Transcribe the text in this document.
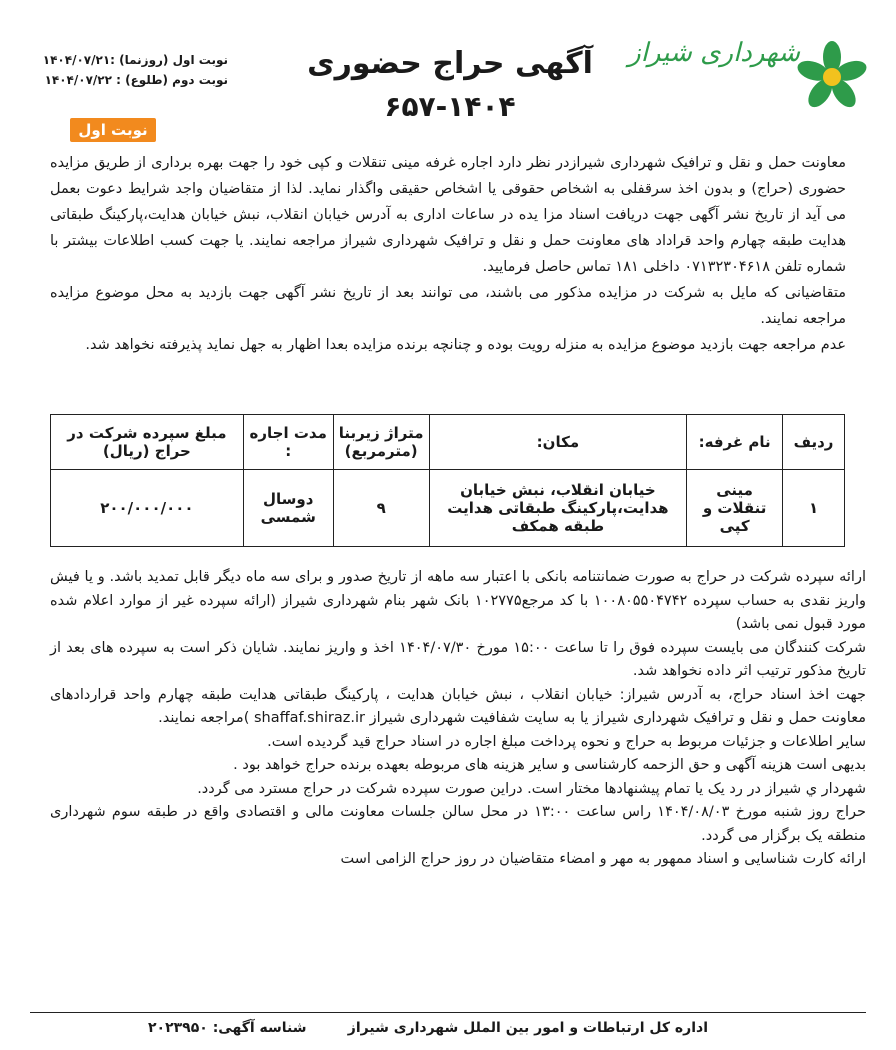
شهرداری شیراز
آگهی حراج حضوری
۶۵۷-۱۴۰۴
نوبت اول (روزنما) :۱۴۰۴/۰۷/۲۱
نوبت دوم (طلوع) : ۱۴۰۴/۰۷/۲۲
نوبت اول

معاونت حمل و نقل و ترافیک شهرداری شیرازدر نظر دارد اجاره غرفه مینی تنقلات و کپی خود را جهت بهره برداری از طریق مزایده حضوری (حراج) و بدون اخذ سرقفلی به اشخاص حقوقی یا اشخاص حقیقی واگذار نماید. لذا از متقاضیان واجد شرایط دعوت بعمل می آید از تاریخ نشر آگهی جهت دریافت اسناد مزا یده در ساعات اداری به آدرس خیابان انقلاب، نبش خیابان هدایت،پارکینگ طبقاتی هدایت طبقه چهارم واحد قراداد های معاونت حمل و نقل و ترافیک شهرداری شیراز مراجعه نمایند. یا جهت کسب اطلاعات بیشتر با شماره تلفن ۰۷۱۳۲۳۰۴۶۱۸ داخلی ۱۸۱ تماس حاصل فرمایید.

متقاضیانی که مایل به شرکت در مزایده مذکور می باشند، می توانند بعد از تاریخ نشر آگهی جهت بازدید به محل موضوع مزایده مراجعه نمایند.

عدم مراجعه جهت بازدید موضوع مزایده به منزله رویت بوده و چنانچه برنده مزایده بعدا اظهار به جهل نماید پذیرفته نخواهد شد.

ردیف	نام غرفه:	مکان:	متراژ زیربنا (مترمربع)	مدت اجاره :	مبلغ سپرده شرکت در حراج (ریال)
۱	مینی تنقلات و کپی	خیابان انقلاب، نبش خیابان هدایت،پارکینگ طبقاتی هدایت طبقه همکف	۹	دوسال شمسی	۲۰۰/۰۰۰/۰۰۰

ارائه سپرده شرکت در حراج به صورت ضمانتنامه بانکی با اعتبار سه ماهه از تاریخ صدور و برای سه ماه دیگر قابل تمدید باشد. و یا فیش واریز نقدی به حساب سپرده ۱۰۰۸۰۵۵۰۴۷۴۲ با کد مرجع۱۰۲۷۷۵ بانک شهر بنام شهرداری شیراز (ارائه سپرده غیر از موارد اعلام شده مورد قبول نمی باشد)

شرکت کنندگان می بایست سپرده فوق را تا ساعت ۱۵:۰۰ مورخ ۱۴۰۴/۰۷/۳۰ اخذ و واریز نمایند. شایان ذکر است به سپرده های بعد از تاریخ مذکور ترتیب اثر داده نخواهد شد.

جهت اخذ اسناد حراج، به آدرس شیراز: خیابان انقلاب ، نبش خیابان هدایت ، پارکینگ طبقاتی هدایت طبقه چهارم واحد قراردادهای معاونت حمل و نقل و ترافیک شهرداری شیراز یا به سایت شفافیت شهرداری شیراز shaffaf.shiraz.ir )مراجعه نمایند.

سایر اطلاعات و جزئیات مربوط به حراج و نحوه پرداخت مبلغ اجاره در اسناد حراج قید گردیده است.

بدیهی است هزینه آگهی و حق الزحمه کارشناسی و سایر هزینه های مربوطه بعهده برنده حراج خواهد بود .

شهردار ي شیراز در رد یک یا تمام پیشنهادها مختار است. دراین صورت سپرده شرکت در حراج مسترد می گردد.

حراج روز شنبه مورخ ۱۴۰۴/۰۸/۰۳ راس ساعت ۱۳:۰۰ در محل سالن جلسات معاونت مالی و اقتصادی واقع در طبقه سوم شهرداری منطقه یک برگزار می گردد.

ارائه کارت شناسایی و اسناد ممهور به مهر و امضاء متقاضیان در روز حراج الزامی است

اداره کل ارتباطات و امور بین الملل شهرداری شیراز
شناسه آگهی: ۲۰۲۳۹۵۰
